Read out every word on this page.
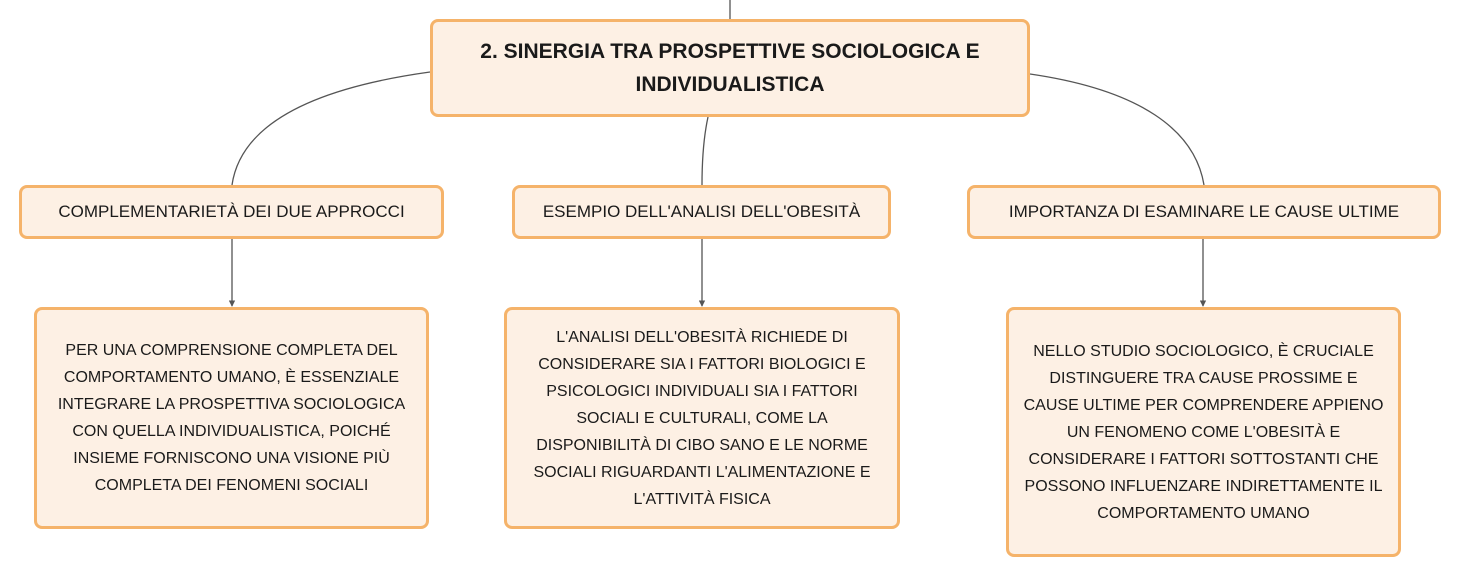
2. SINERGIA TRA PROSPETTIVE SOCIOLOGICA E INDIVIDUALISTICA
COMPLEMENTARIETÀ DEI DUE APPROCCI	ESEMPIO DELL'ANALISI DELL'OBESITÀ	IMPORTANZA DI ESAMINARE LE CAUSE ULTIME
PER UNA COMPRENSIONE COMPLETA DEL COMPORTAMENTO UMANO, È ESSENZIALE INTEGRARE LA PROSPETTIVA SOCIOLOGICA CON QUELLA INDIVIDUALISTICA, POICHÉ INSIEME FORNISCONO UNA VISIONE PIÙ COMPLETA DEI FENOMENI SOCIALI
L'ANALISI DELL'OBESITÀ RICHIEDE DI CONSIDERARE SIA I FATTORI BIOLOGICI E PSICOLOGICI INDIVIDUALI SIA I FATTORI SOCIALI E CULTURALI, COME LA DISPONIBILITÀ DI CIBO SANO E LE NORME SOCIALI RIGUARDANTI L'ALIMENTAZIONE E L'ATTIVITÀ FISICA
NELLO STUDIO SOCIOLOGICO, È CRUCIALE DISTINGUERE TRA CAUSE PROSSIME E CAUSE ULTIME PER COMPRENDERE APPIENO UN FENOMENO COME L'OBESITÀ E CONSIDERARE I FATTORI SOTTOSTANTI CHE POSSONO INFLUENZARE INDIRETTAMENTE IL COMPORTAMENTO UMANO
